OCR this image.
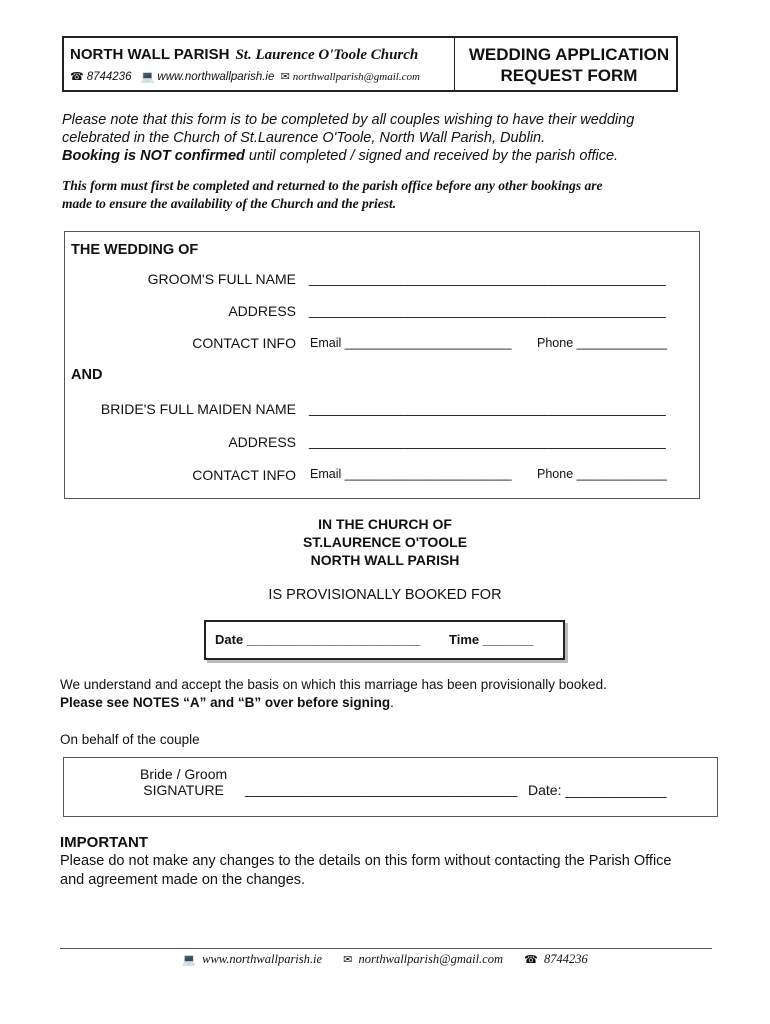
NORTH WALL PARISH St. Laurence O'Toole Church
☎ 8744236 💻 www.northwallparish.ie ✉ northwallparish@gmail.com
WEDDING APPLICATION
REQUEST FORM
Please note that this form is to be completed by all couples wishing to have their wedding
celebrated in the Church of St.Laurence O'Toole, North Wall Parish, Dublin.
Booking is NOT confirmed until completed / signed and received by the parish office.
This form must first be completed and returned to the parish office before any other bookings are
made to ensure the availability of the Church and the priest.
THE WEDDING OF
GROOM'S FULL NAME _______________________________________________
ADDRESS _______________________________________________
CONTACT INFO Email ________________________ Phone _____________
AND
BRIDE'S FULL MAIDEN NAME _______________________________________________
ADDRESS _______________________________________________
CONTACT INFO Email ________________________ Phone _____________
IN THE CHURCH OF
ST.LAURENCE O'TOOLE
NORTH WALL PARISH
IS PROVISIONALLY BOOKED FOR
Date ________________________ Time _______
We understand and accept the basis on which this marriage has been provisionally booked.
Please see NOTES “A” and “B” over before signing.
On behalf of the couple
Bride / Groom
SIGNATURE ___________________________________ Date: _____________
IMPORTANT
Please do not make any changes to the details on this form without contacting the Parish Office
and agreement made on the changes.
💻 www.northwallparish.ie ✉ northwallparish@gmail.com ☎ 8744236
